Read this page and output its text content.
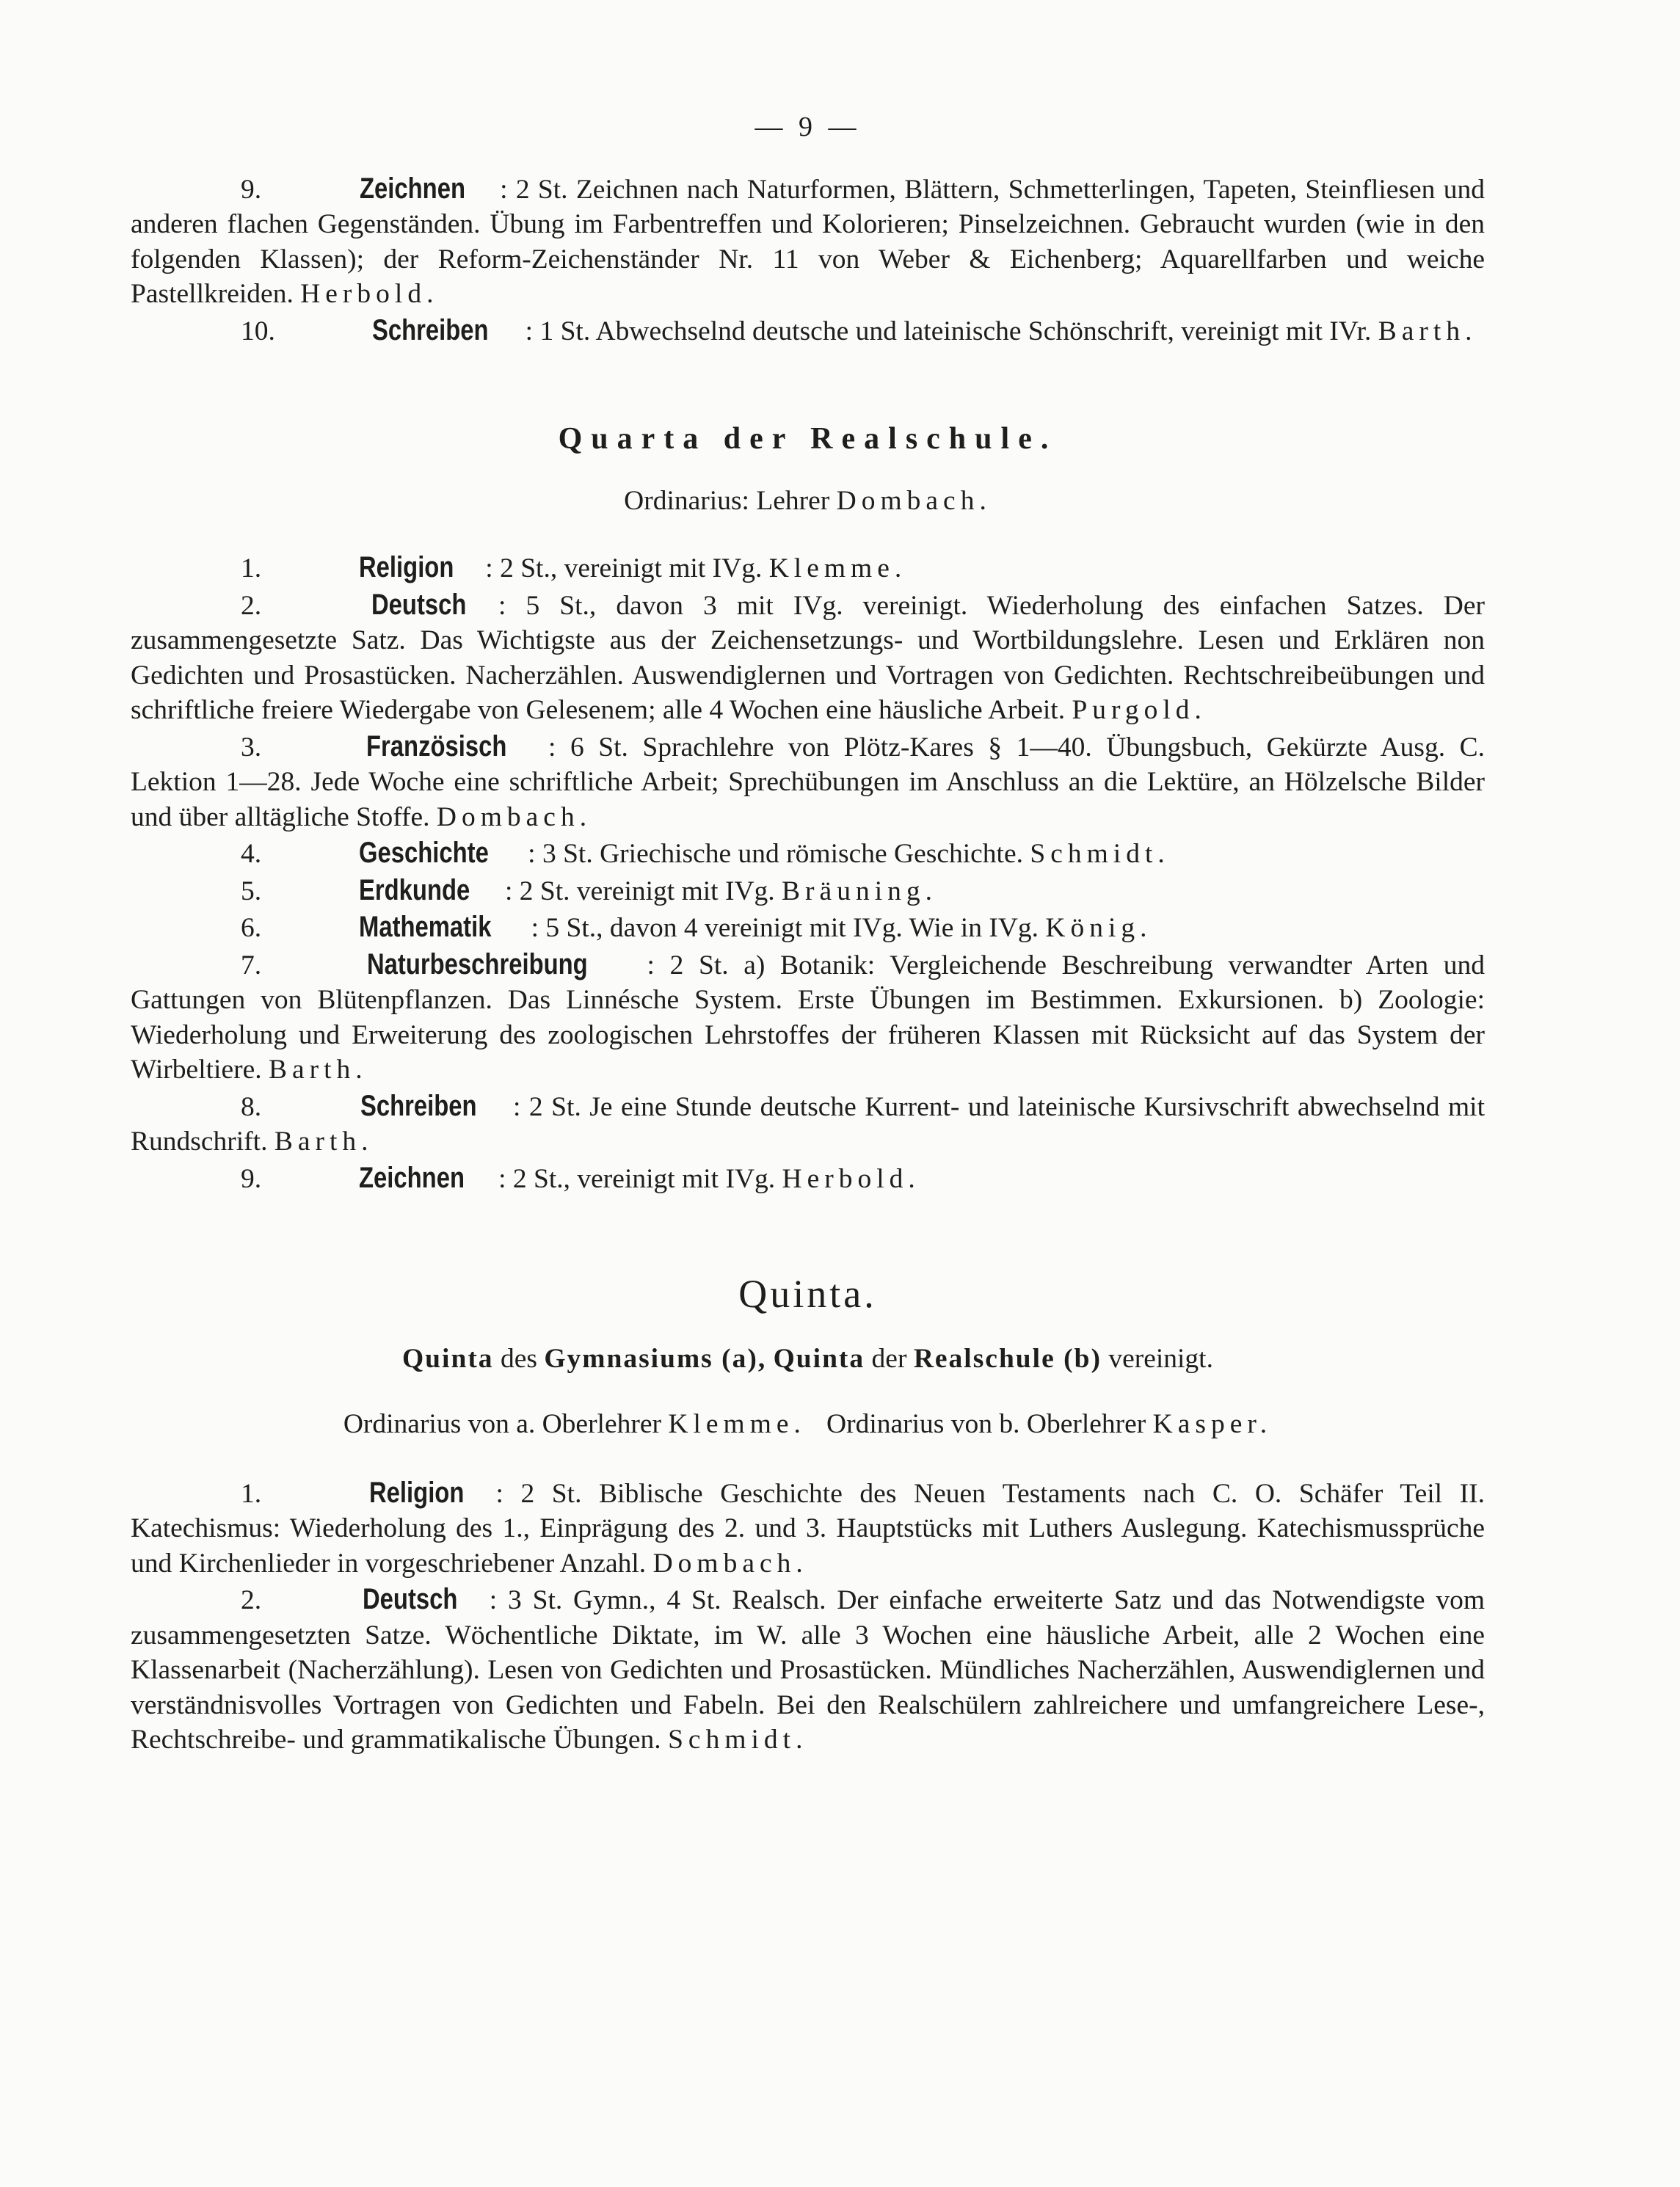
— 9 —

9.	Zeichnen : 2 St. Zeichnen nach Naturformen, Blättern, Schmetterlingen, Tapeten, Steinfliesen und anderen flachen Gegenständen. Übung im Farbentreffen und Kolorieren; Pinselzeichnen. Gebraucht wurden (wie in den folgenden Klassen); der Reform-Zeichenständer Nr. 11 von Weber & Eichenberg; Aquarellfarben und weiche Pastellkreiden. Herbold.

10.	Schreiben : 1 St. Abwechselnd deutsche und lateinische Schönschrift, vereinigt mit IVr. Barth.

Quarta der Realschule.
Ordinarius: Lehrer Dombach.

1.	Religion : 2 St., vereinigt mit IVg. Klemme.

2.	Deutsch : 5 St., davon 3 mit IVg. vereinigt. Wiederholung des einfachen Satzes. Der zusammengesetzte Satz. Das Wichtigste aus der Zeichensetzungs- und Wortbildungslehre. Lesen und Erklären non Gedichten und Prosastücken. Nacherzählen. Auswendiglernen und Vortragen von Gedichten. Rechtschreibeübungen und schriftliche freiere Wiedergabe von Gelesenem; alle 4 Wochen eine häusliche Arbeit. Purgold.

3.	Französisch : 6 St. Sprachlehre von Plötz-Kares § 1—40. Übungsbuch, Gekürzte Ausg. C. Lektion 1—28. Jede Woche eine schriftliche Arbeit; Sprechübungen im Anschluss an die Lektüre, an Hölzelsche Bilder und über alltägliche Stoffe. Dombach.

4.	Geschichte : 3 St. Griechische und römische Geschichte. Schmidt.

5.	Erdkunde : 2 St. vereinigt mit IVg. Bräuning.

6.	Mathematik : 5 St., davon 4 vereinigt mit IVg. Wie in IVg. König.

7.	Naturbeschreibung : 2 St. a) Botanik: Vergleichende Beschreibung verwandter Arten und Gattungen von Blütenpflanzen. Das Linnésche System. Erste Übungen im Bestimmen. Exkursionen. b) Zoologie: Wiederholung und Erweiterung des zoologischen Lehrstoffes der früheren Klassen mit Rücksicht auf das System der Wirbeltiere. Barth.

8.	Schreiben : 2 St. Je eine Stunde deutsche Kurrent- und lateinische Kursivschrift abwechselnd mit Rundschrift. Barth.

9.	Zeichnen : 2 St., vereinigt mit IVg. Herbold.

Quinta.
Quinta des Gymnasiums (a), Quinta der Realschule (b) vereinigt.
Ordinarius von a. Oberlehrer Klemme. Ordinarius von b. Oberlehrer Kasper.

1.	Religion : 2 St. Biblische Geschichte des Neuen Testaments nach C. O. Schäfer Teil II. Katechismus: Wiederholung des 1., Einprägung des 2. und 3. Hauptstücks mit Luthers Auslegung. Katechismussprüche und Kirchenlieder in vorgeschriebener Anzahl. Dombach.

2.	Deutsch : 3 St. Gymn., 4 St. Realsch. Der einfache erweiterte Satz und das Notwendigste vom zusammengesetzten Satze. Wöchentliche Diktate, im W. alle 3 Wochen eine häusliche Arbeit, alle 2 Wochen eine Klassenarbeit (Nacherzählung). Lesen von Gedichten und Prosastücken. Mündliches Nacherzählen, Auswendiglernen und verständnisvolles Vortragen von Gedichten und Fabeln. Bei den Realschülern zahlreichere und umfangreichere Lese-, Rechtschreibe- und grammatikalische Übungen. Schmidt.
